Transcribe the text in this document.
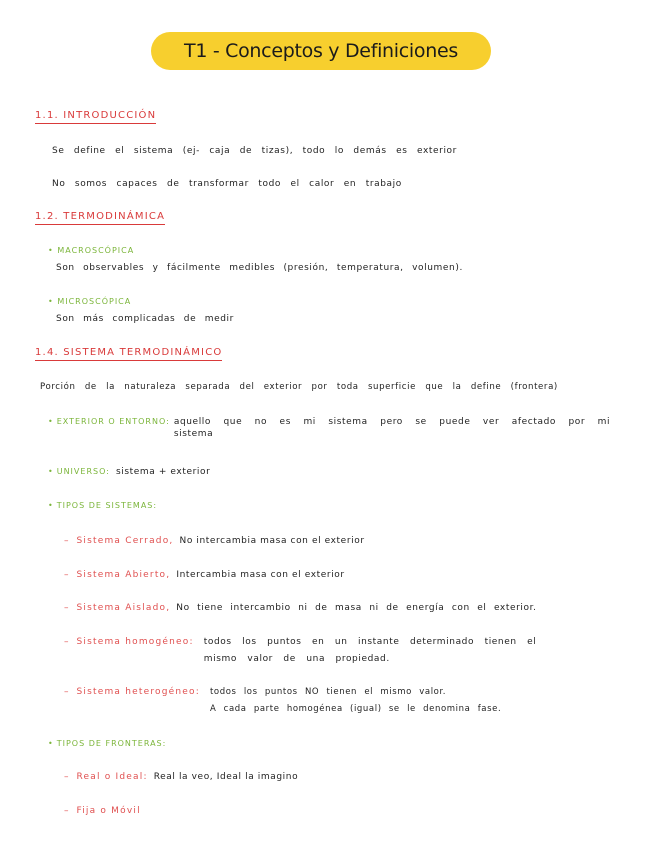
T1 - Conceptos y Definiciones
1.1. INTRODUCCIÓN
Se define el sistema (ej- caja de tizas), todo lo demás es exterior
No somos capaces de transformar todo el calor en trabajo
1.2. TERMODINÁMICA
• MACROSCÓPICA
Son observables y fácilmente medibles (presión, temperatura, volumen).
• MICROSCÓPICA
Son más complicadas de medir
1.4. SISTEMA TERMODINÁMICO
Porción de la naturaleza separada del exterior por toda superficie que la define (frontera)
• EXTERIOR O ENTORNO: aquello que no es mi sistema pero se puede ver afectado por mi sistema
• UNIVERSO: sistema + exterior
• TIPOS DE SISTEMAS:
– Sistema Cerrado, No intercambia masa con el exterior
– Sistema Abierto, Intercambia masa con el exterior
– Sistema Aislado, No tiene intercambio ni de masa ni de energía con el exterior.
– Sistema homogéneo: todos los puntos en un instante determinado tienen el
mismo valor de una propiedad.
– Sistema heterogéneo: todos los puntos NO tienen el mismo valor.
A cada parte homogénea (igual) se le denomina fase.
• TIPOS DE FRONTERAS:
– Real o Ideal: Real la veo, Ideal la imagino
– Fija o Móvil
